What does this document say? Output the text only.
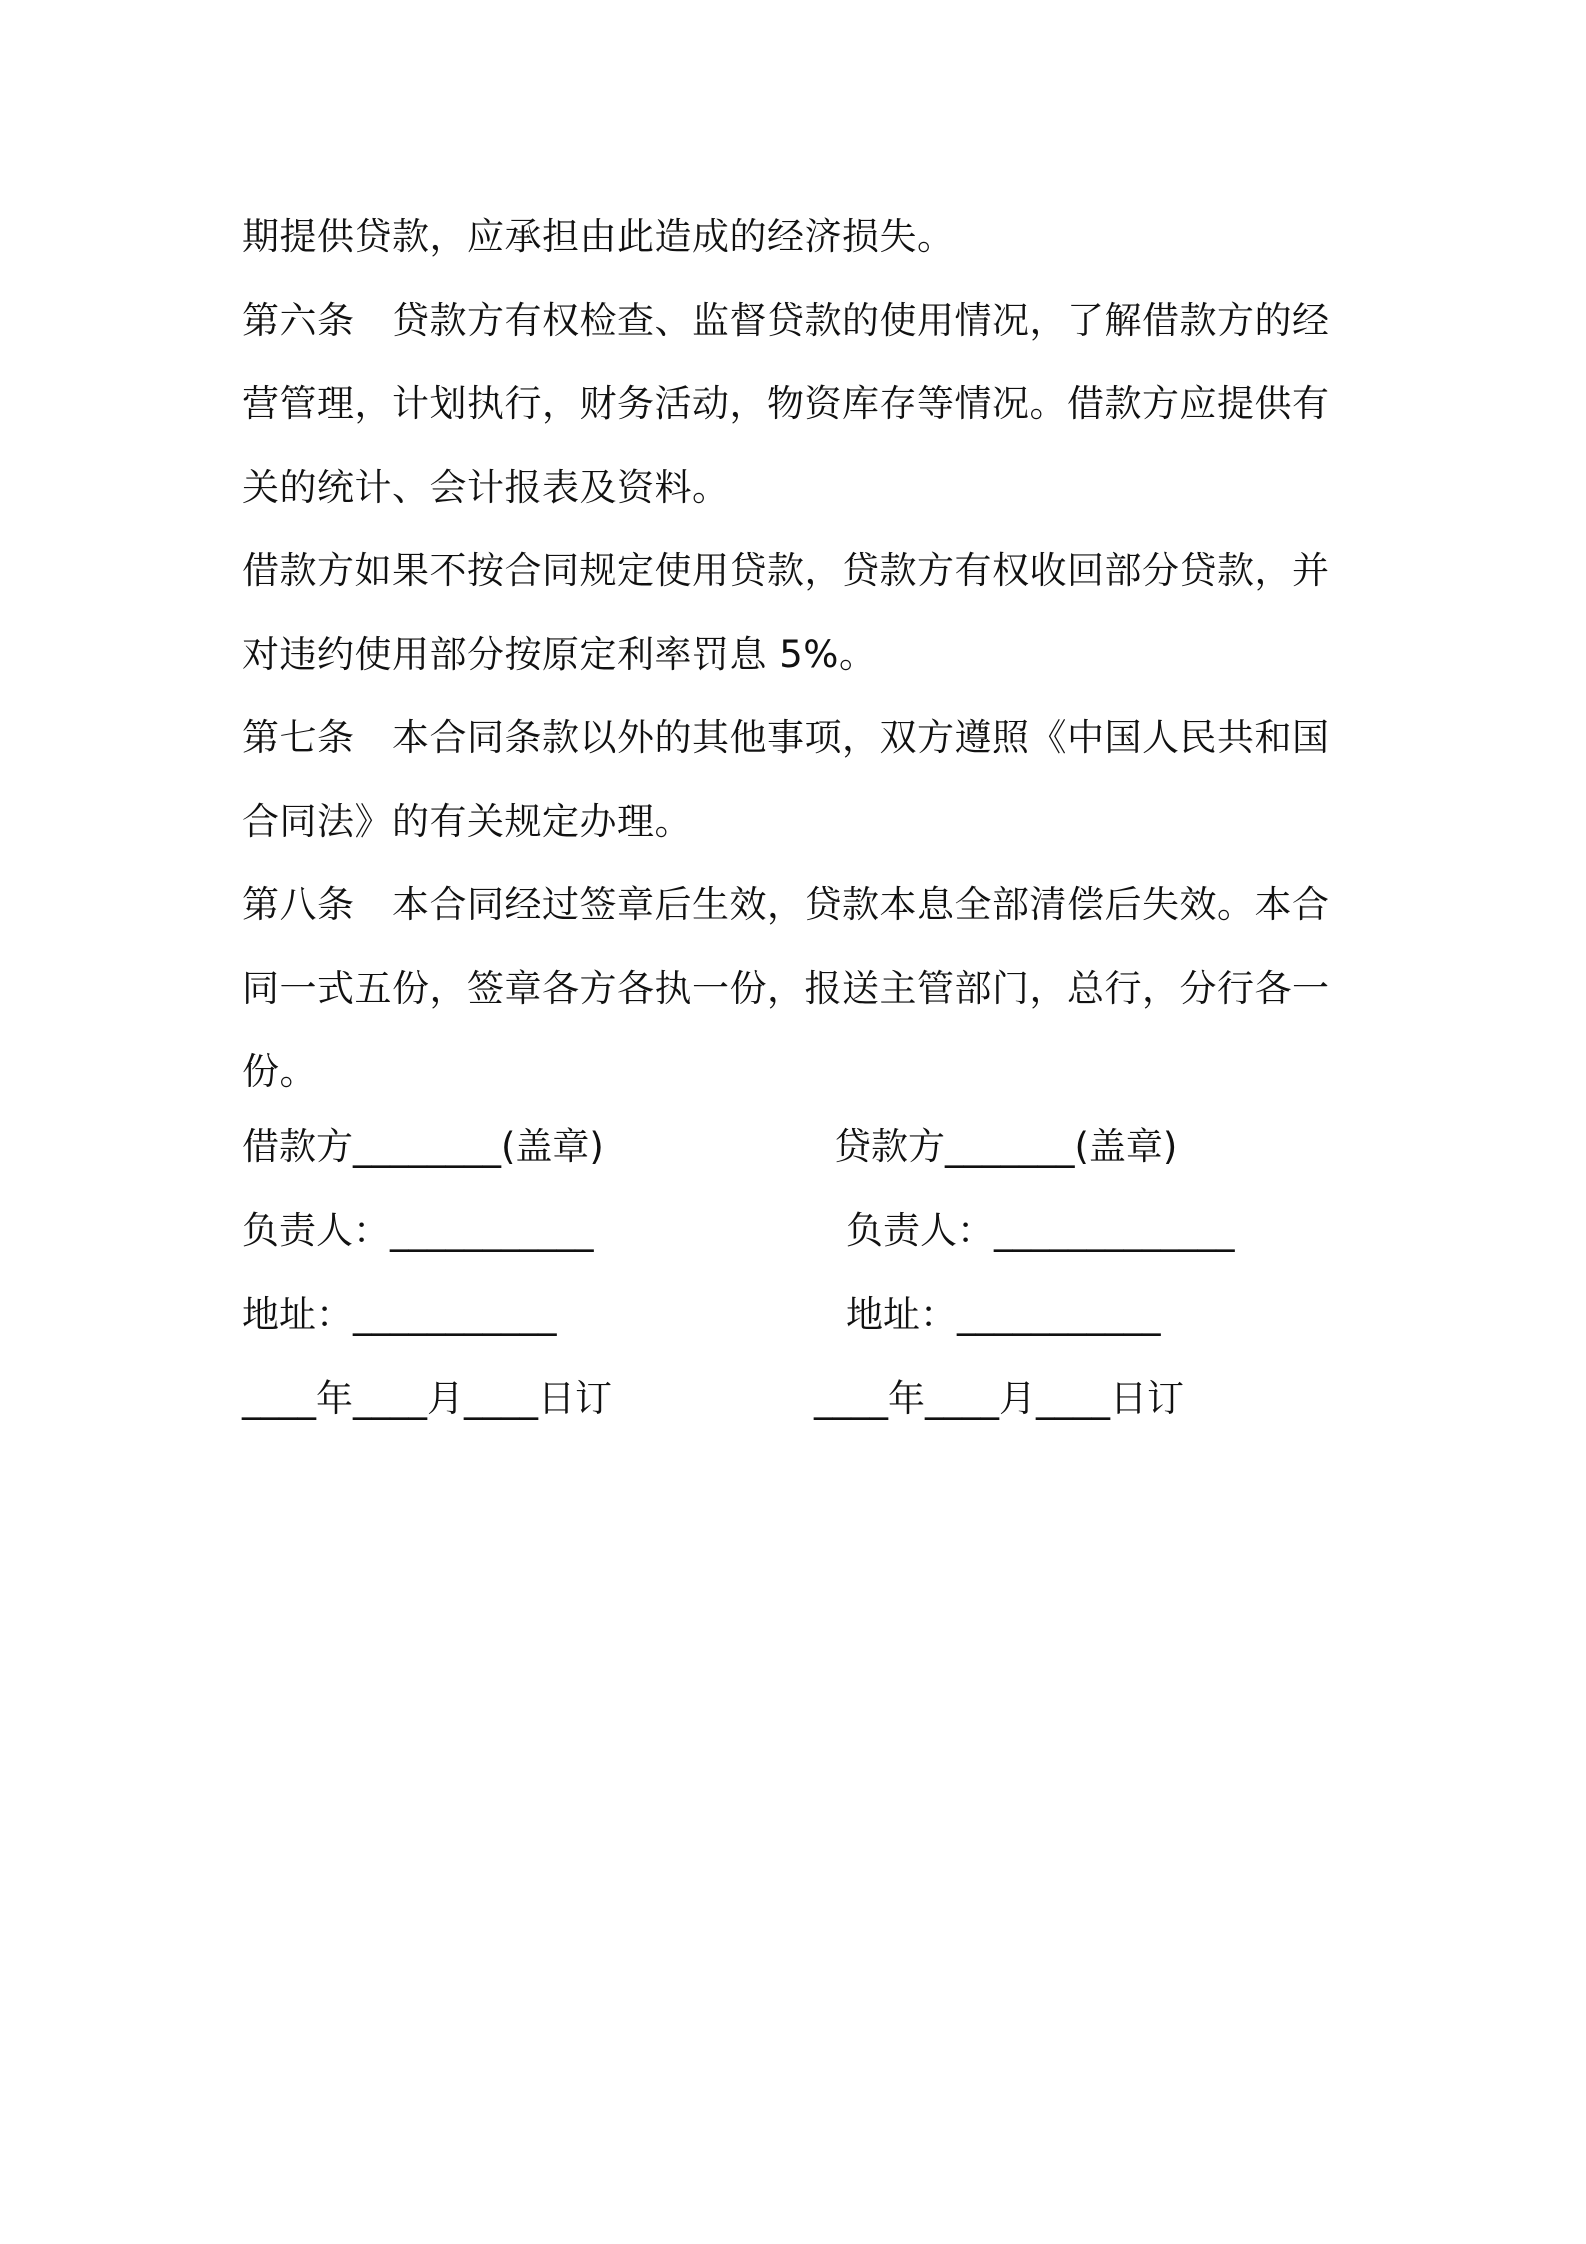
期提供贷款，应承担由此造成的经济损失。

第六条　贷款方有权检查、监督贷款的使用情况，了解借款方的经营管理，计划执行，财务活动，物资库存等情况。借款方应提供有关的统计、会计报表及资料。

借款方如果不按合同规定使用贷款，贷款方有权收回部分贷款，并对违约使用部分按原定利率罚息 5%。

第七条　本合同条款以外的其他事项，双方遵照《中国人民共和国合同法》的有关规定办理。

第八条　本合同经过签章后生效，贷款本息全部清偿后失效。本合同一式五份，签章各方各执一份，报送主管部门，总行，分行各一份。

借款方________(盖章)
负责人：___________
地址：___________
____年____月____日订
贷款方_______(盖章)
负责人：_____________
地址：___________
____年____月____日订
